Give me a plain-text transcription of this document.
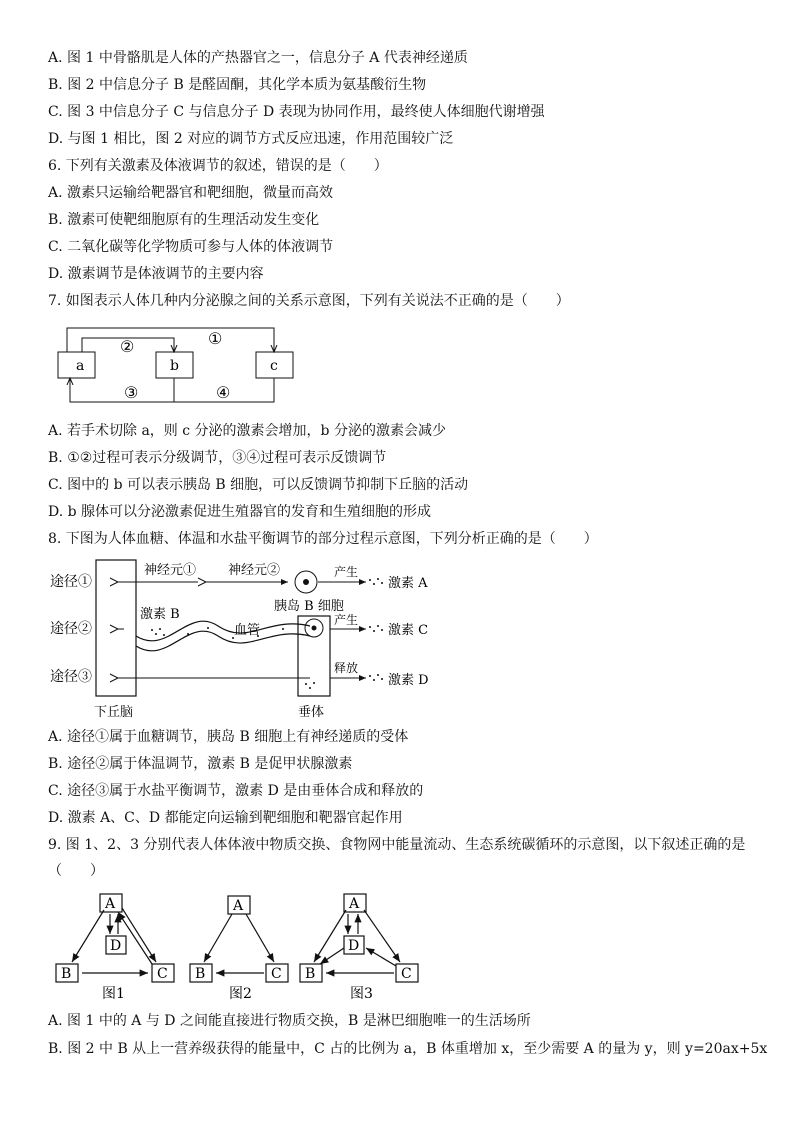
A. 图 1 中骨骼肌是人体的产热器官之一，信息分子 A 代表神经递质
B. 图 2 中信息分子 B 是醛固酮，其化学本质为氨基酸衍生物
C. 图 3 中信息分子 C 与信息分子 D 表现为协同作用，最终使人体细胞代谢增强
D. 与图 1 相比，图 2 对应的调节方式反应迅速，作用范围较广泛
6. 下列有关激素及体液调节的叙述，错误的是（　　）
A. 激素只运输给靶器官和靶细胞，微量而高效
B. 激素可使靶细胞原有的生理活动发生变化
C. 二氧化碳等化学物质可参与人体的体液调节
D. 激素调节是体液调节的主要内容
7. 如图表示人体几种内分泌腺之间的关系示意图，下列有关说法不正确的是（　　）
a	b	c
①
②
③	④
A. 若手术切除 a，则 c 分泌的激素会增加，b 分泌的激素会减少
B. ①②过程可表示分级调节，③④过程可表示反馈调节
C. 图中的 b 可以表示胰岛 B 细胞，可以反馈调节抑制下丘脑的活动
D. b 腺体可以分泌激素促进生殖器官的发育和生殖细胞的形成
8. 下图为人体血糖、体温和水盐平衡调节的部分过程示意图，下列分析正确的是（　　）
途径①
途径②
途径③
神经元① 神经元②
胰岛 B 细胞
激素 B
血管
产生
产生
释放
激素 A
激素 C
激素 D
下丘脑	垂体
A. 途径①属于血糖调节，胰岛 B 细胞上有神经递质的受体
B. 途径②属于体温调节，激素 B 是促甲状腺激素
C. 途径③属于水盐平衡调节，激素 D 是由垂体合成和释放的
D. 激素 A、C、D 都能定向运输到靶细胞和靶器官起作用
9. 图 1、2、3 分别代表人体体液中物质交换、食物网中能量流动、生态系统碳循环的示意图，以下叙述正确的是
（　　）
A
D
B	C
图1
A
B	C
图2
A
D
B	C
图3
A. 图 1 中的 A 与 D 之间能直接进行物质交换，B 是淋巴细胞唯一的生活场所
B. 图 2 中 B 从上一营养级获得的能量中，C 占的比例为 a，B 体重增加 x，至少需要 A 的量为 y，则 y=20ax+5x
